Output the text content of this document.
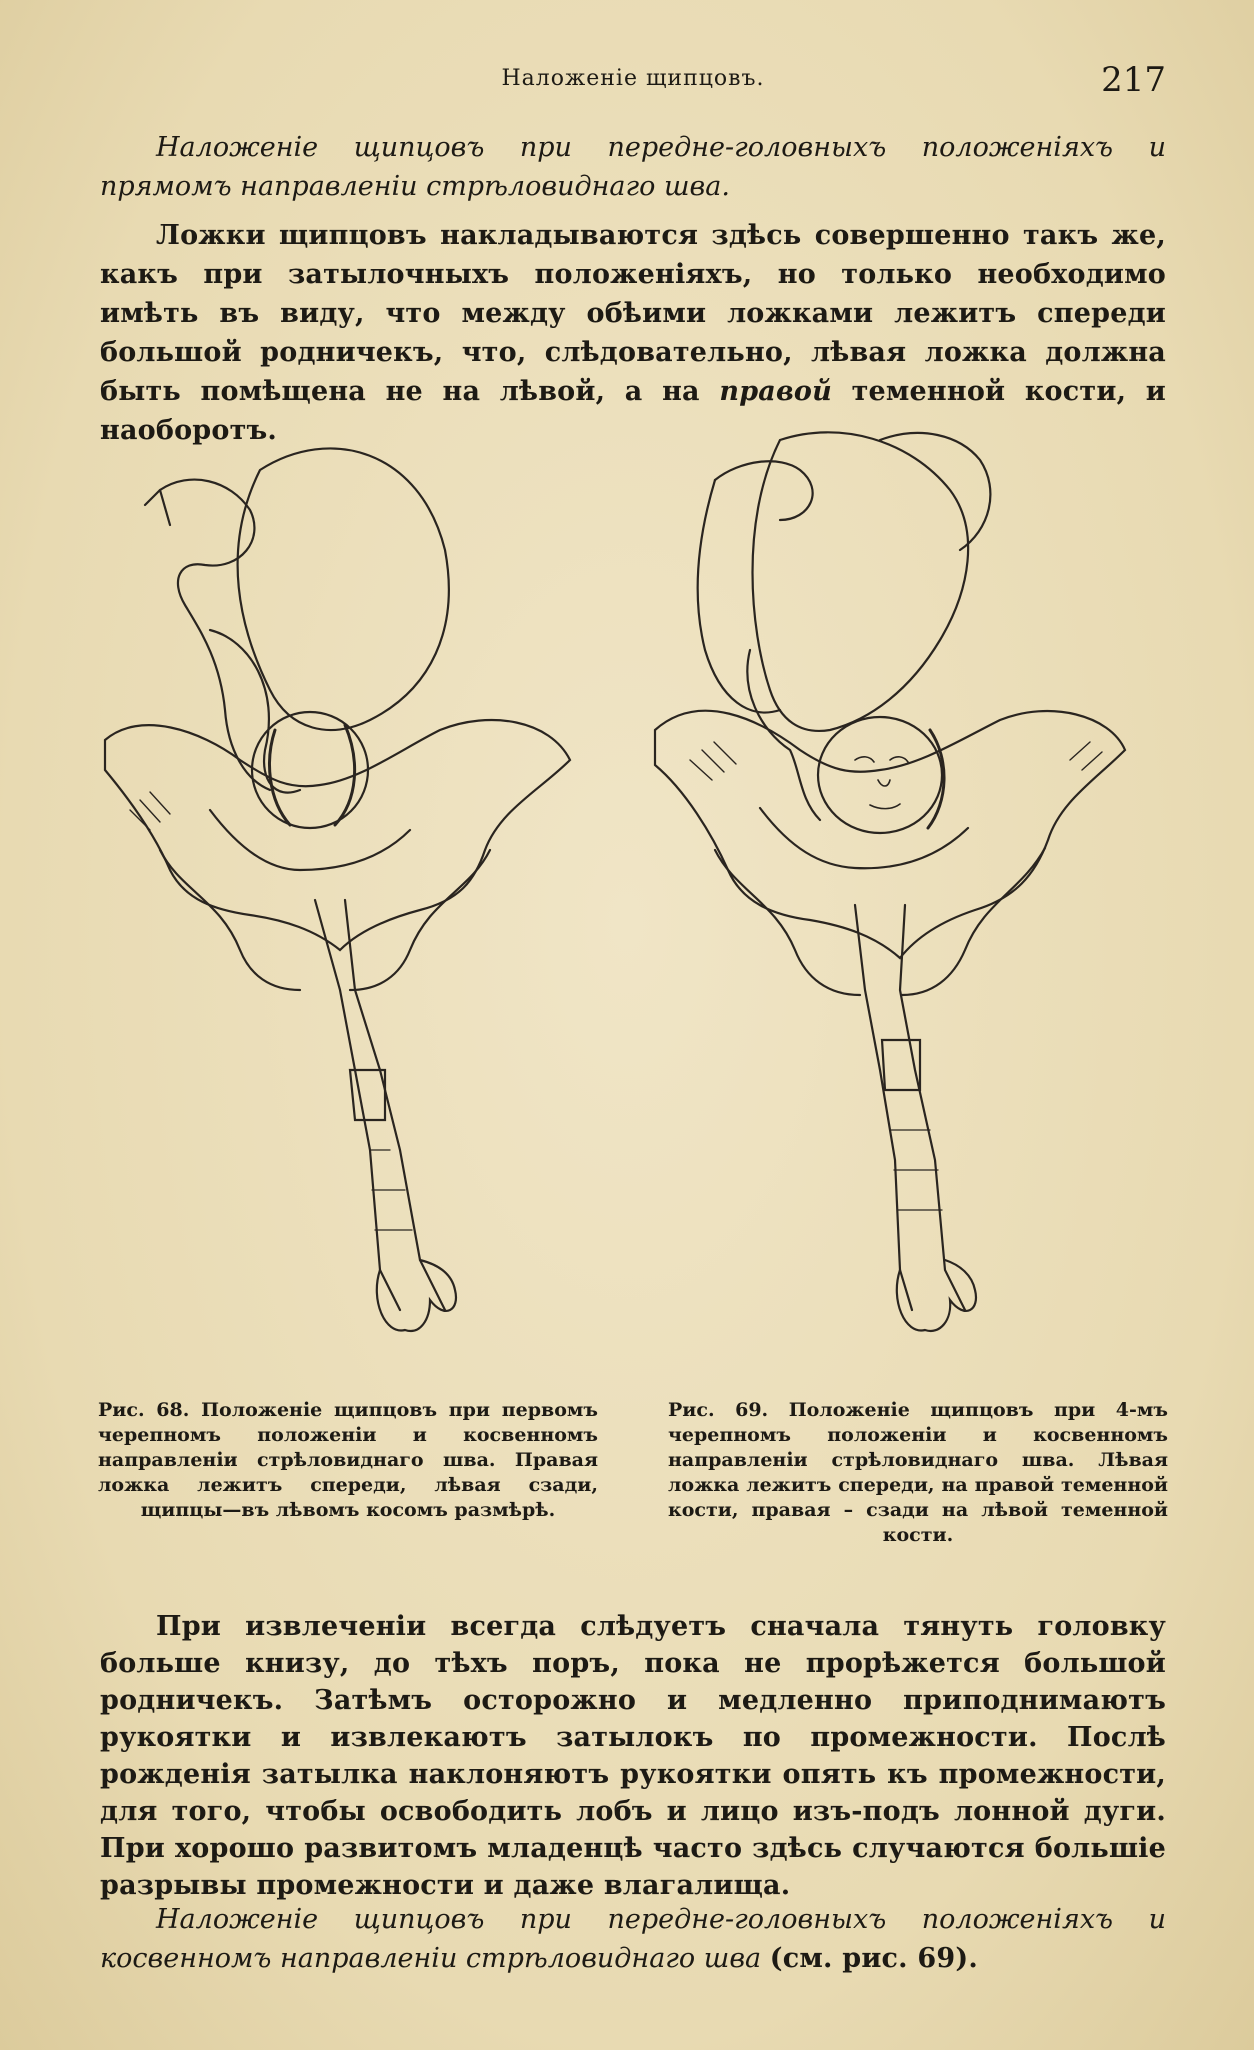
Наложеніе щипцовъ.	217
Наложеніе щипцовъ при передне-головныхъ положеніяхъ и прямомъ направленіи стрѣловиднаго шва.
Ложки щипцовъ накладываются здѣсь совершенно такъ же, какъ при затылочныхъ положеніяхъ, но только необходимо имѣть въ виду, что между обѣими ложками лежитъ спереди большой родничекъ, что, слѣдовательно, лѣвая ложка должна быть помѣщена не на лѣвой, а на правой теменной кости, и наоборотъ.
Рис. 68. Положеніе щипцовъ при первомъ черепномъ положеніи и косвенномъ направленіи стрѣловиднаго шва. Правая ложка лежитъ спереди, лѣвая сзади, щипцы—въ лѣвомъ косомъ размѣрѣ.
Рис. 69. Положеніе щипцовъ при 4-мъ черепномъ положеніи и косвенномъ направленіи стрѣловиднаго шва. Лѣвая ложка лежитъ спереди, на правой теменной кости, правая – сзади на лѣвой теменной кости.
При извлеченіи всегда слѣдуетъ сначала тянуть головку больше книзу, до тѣхъ поръ, пока не прорѣжется большой родничекъ. Затѣмъ осторожно и медленно приподнимаютъ рукоятки и извлекаютъ затылокъ по промежности. Послѣ рожденія затылка наклоняютъ рукоятки опять къ промежности, для того, чтобы освободить лобъ и лицо изъ-подъ лонной дуги. При хорошо развитомъ младенцѣ часто здѣсь случаются большіе разрывы промежности и даже влагалища.
Наложеніе щипцовъ при передне-головныхъ положеніяхъ и косвенномъ направленіи стрѣловиднаго шва (см. рис. 69).
